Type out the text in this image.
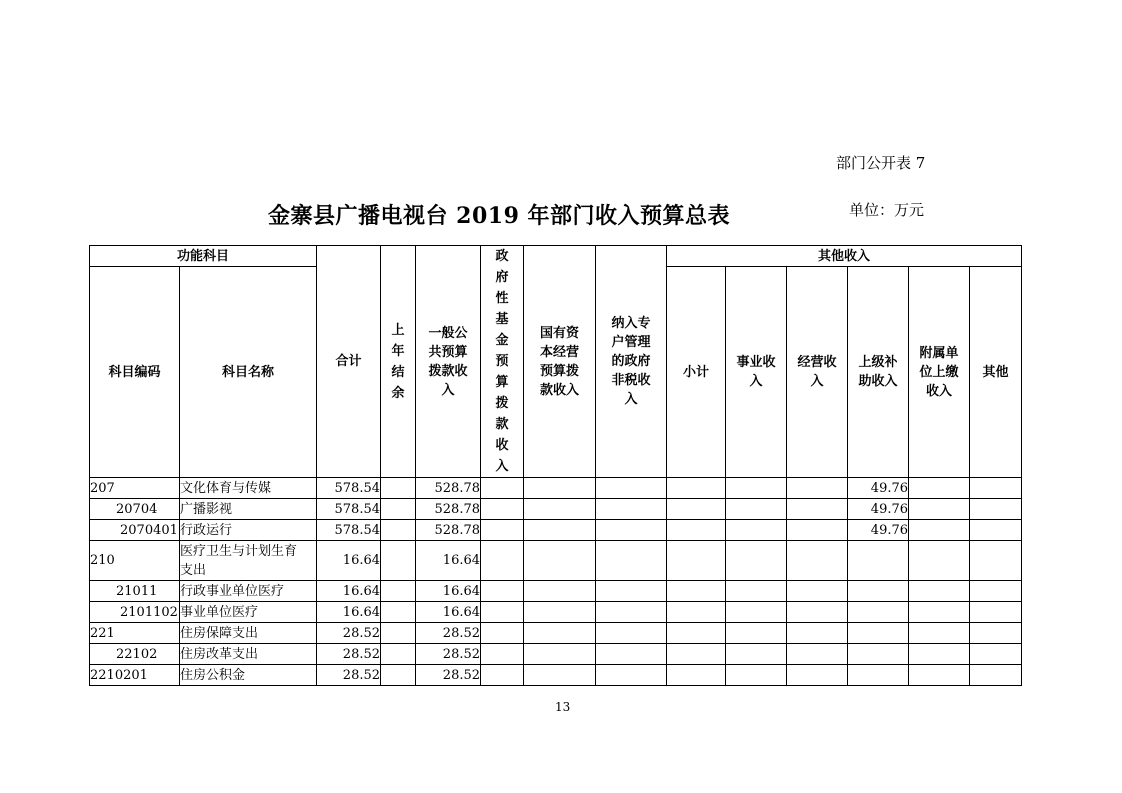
部门公开表 7
金寨县广播电视台 2019 年部门收入预算总表	单位：万元
功能科目		合计	上年结余	一般公共预算拨款收入	政府性基金预算拨款收入	国有资本经营预算拨款收入	纳入专户管理的政府非税收入	其他收入					
科目编码	科目名称							小计	事业收入	经营收入	上级补助收入	附属单位上缴收入	其他
207	文化体育与传媒	578.54		528.78							49.76		
20704	广播影视	578.54		528.78							49.76		
2070401	行政运行	578.54		528.78							49.76		
210	医疗卫生与计划生育支出	16.64		16.64									
21011	行政事业单位医疗	16.64		16.64									
2101102	事业单位医疗	16.64		16.64									
221	住房保障支出	28.52		28.52									
22102	住房改革支出	28.52		28.52									
2210201	住房公积金	28.52		28.52									
13
